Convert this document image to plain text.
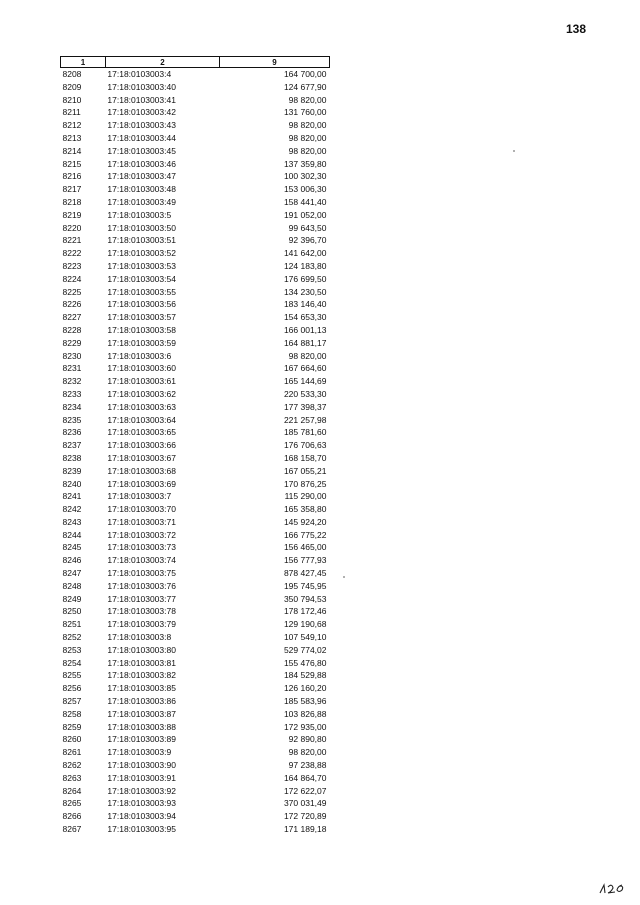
138
1	2	9
8208	17:18:0103003:4	164 700,00
8209	17:18:0103003:40	124 677,90
8210	17:18:0103003:41	98 820,00
8211	17:18:0103003:42	131 760,00
8212	17:18:0103003:43	98 820,00
8213	17:18:0103003:44	98 820,00
8214	17:18:0103003:45	98 820,00
8215	17:18:0103003:46	137 359,80
8216	17:18:0103003:47	100 302,30
8217	17:18:0103003:48	153 006,30
8218	17:18:0103003:49	158 441,40
8219	17:18:0103003:5	191 052,00
8220	17:18:0103003:50	99 643,50
8221	17:18:0103003:51	92 396,70
8222	17:18:0103003:52	141 642,00
8223	17:18:0103003:53	124 183,80
8224	17:18:0103003:54	176 699,50
8225	17:18:0103003:55	134 230,50
8226	17:18:0103003:56	183 146,40
8227	17:18:0103003:57	154 653,30
8228	17:18:0103003:58	166 001,13
8229	17:18:0103003:59	164 881,17
8230	17:18:0103003:6	98 820,00
8231	17:18:0103003:60	167 664,60
8232	17:18:0103003:61	165 144,69
8233	17:18:0103003:62	220 533,30
8234	17:18:0103003:63	177 398,37
8235	17:18:0103003:64	221 257,98
8236	17:18:0103003:65	185 781,60
8237	17:18:0103003:66	176 706,63
8238	17:18:0103003:67	168 158,70
8239	17:18:0103003:68	167 055,21
8240	17:18:0103003:69	170 876,25
8241	17:18:0103003:7	115 290,00
8242	17:18:0103003:70	165 358,80
8243	17:18:0103003:71	145 924,20
8244	17:18:0103003:72	166 775,22
8245	17:18:0103003:73	156 465,00
8246	17:18:0103003:74	156 777,93
8247	17:18:0103003:75	878 427,45
8248	17:18:0103003:76	195 745,95
8249	17:18:0103003:77	350 794,53
8250	17:18:0103003:78	178 172,46
8251	17:18:0103003:79	129 190,68
8252	17:18:0103003:8	107 549,10
8253	17:18:0103003:80	529 774,02
8254	17:18:0103003:81	155 476,80
8255	17:18:0103003:82	184 529,88
8256	17:18:0103003:85	126 160,20
8257	17:18:0103003:86	185 583,96
8258	17:18:0103003:87	103 826,88
8259	17:18:0103003:88	172 935,00
8260	17:18:0103003:89	92 890,80
8261	17:18:0103003:9	98 820,00
8262	17:18:0103003:90	97 238,88
8263	17:18:0103003:91	164 864,70
8264	17:18:0103003:92	172 622,07
8265	17:18:0103003:93	370 031,49
8266	17:18:0103003:94	172 720,89
8267	17:18:0103003:95	171 189,18
